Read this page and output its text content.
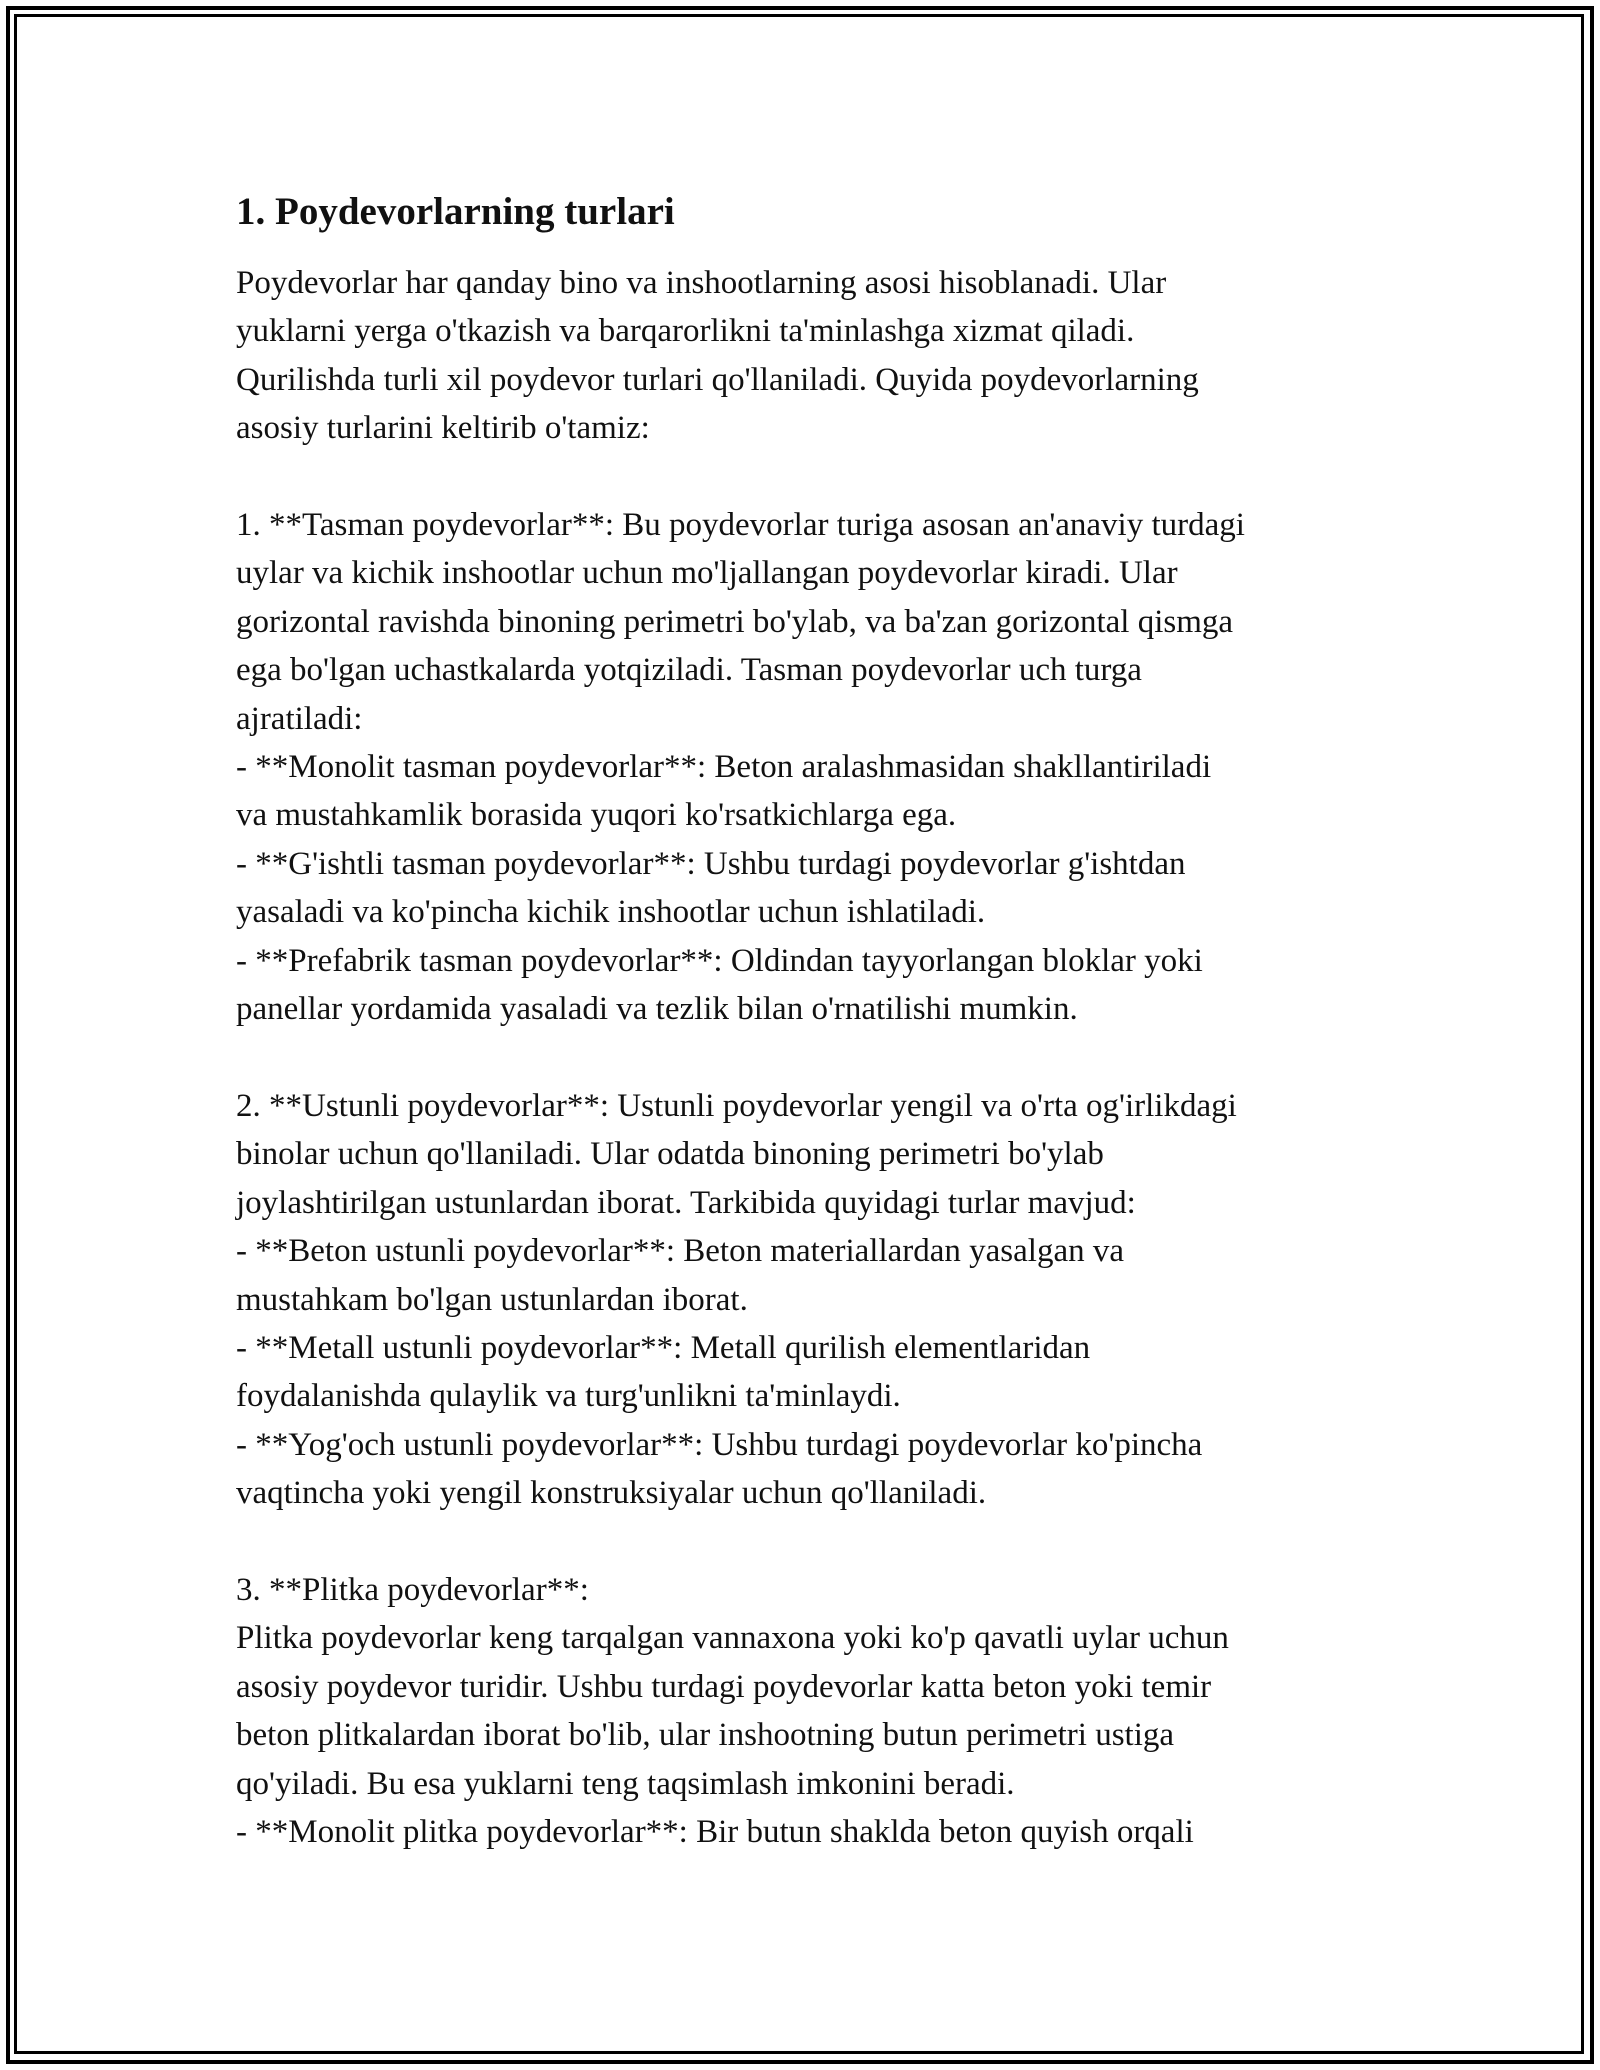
1. Poydevorlarning turlari

Poydevorlar har qanday bino va inshootlarning asosi hisoblanadi. Ular
yuklarni yerga o'tkazish va barqarorlikni ta'minlashga xizmat qiladi.
Qurilishda turli xil poydevor turlari qo'llaniladi. Quyida poydevorlarning
asosiy turlarini keltirib o'tamiz:

1. **Tasman poydevorlar**: Bu poydevorlar turiga asosan an'anaviy turdagi
uylar va kichik inshootlar uchun mo'ljallangan poydevorlar kiradi. Ular
gorizontal ravishda binoning perimetri bo'ylab, va ba'zan gorizontal qismga
ega bo'lgan uchastkalarda yotqiziladi. Tasman poydevorlar uch turga
ajratiladi:
- **Monolit tasman poydevorlar**: Beton aralashmasidan shakllantiriladi
va mustahkamlik borasida yuqori ko'rsatkichlarga ega.
- **G'ishtli tasman poydevorlar**: Ushbu turdagi poydevorlar g'ishtdan
yasaladi va ko'pincha kichik inshootlar uchun ishlatiladi.
- **Prefabrik tasman poydevorlar**: Oldindan tayyorlangan bloklar yoki
panellar yordamida yasaladi va tezlik bilan o'rnatilishi mumkin.

2. **Ustunli poydevorlar**: Ustunli poydevorlar yengil va o'rta og'irlikdagi
binolar uchun qo'llaniladi. Ular odatda binoning perimetri bo'ylab
joylashtirilgan ustunlardan iborat. Tarkibida quyidagi turlar mavjud:
- **Beton ustunli poydevorlar**: Beton materiallardan yasalgan va
mustahkam bo'lgan ustunlardan iborat.
- **Metall ustunli poydevorlar**: Metall qurilish elementlaridan
foydalanishda qulaylik va turg'unlikni ta'minlaydi.
- **Yog'och ustunli poydevorlar**: Ushbu turdagi poydevorlar ko'pincha
vaqtincha yoki yengil konstruksiyalar uchun qo'llaniladi.

3. **Plitka poydevorlar**:
Plitka poydevorlar keng tarqalgan vannaxona yoki ko'p qavatli uylar uchun
asosiy poydevor turidir. Ushbu turdagi poydevorlar katta beton yoki temir
beton plitkalardan iborat bo'lib, ular inshootning butun perimetri ustiga
qo'yiladi. Bu esa yuklarni teng taqsimlash imkonini beradi.
- **Monolit plitka poydevorlar**: Bir butun shaklda beton quyish orqali
